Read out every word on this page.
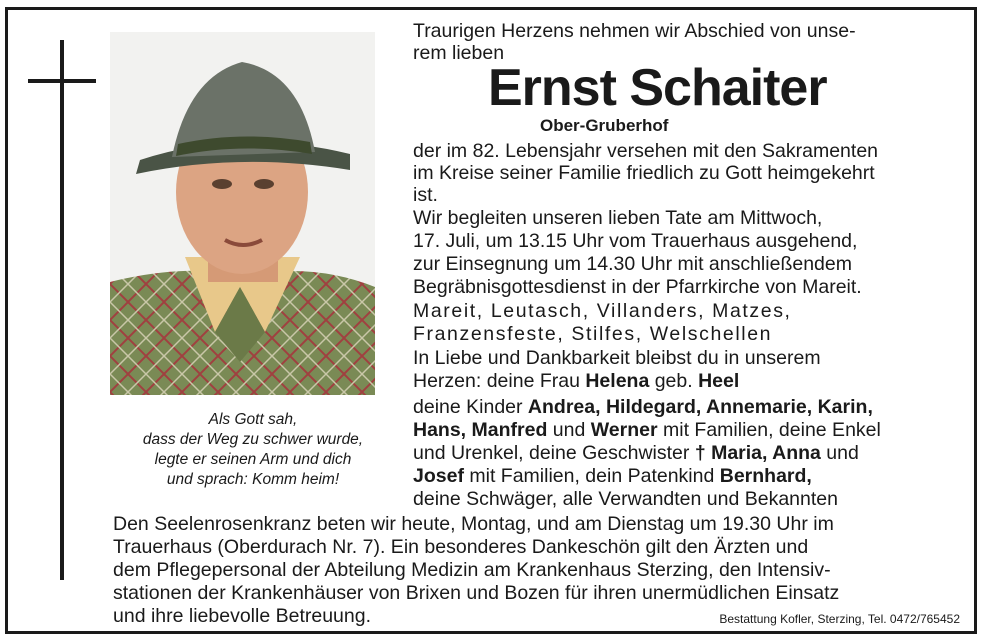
Als Gott sah,
dass der Weg zu schwer wurde,
legte er seinen Arm und dich
und sprach: Komm heim!
Traurigen Herzens nehmen wir Abschied von unse-
rem lieben
Ernst Schaiter
Ober-Gruberhof
der im 82. Lebensjahr versehen mit den Sakramenten
im Kreise seiner Familie friedlich zu Gott heimgekehrt
ist.
Wir begleiten unseren lieben Tate am Mittwoch,
17. Juli, um 13.15 Uhr vom Trauerhaus ausgehend,
zur Einsegnung um 14.30 Uhr mit anschließendem
Begräbnisgottesdienst in der Pfarrkirche von Mareit.
Mareit, Leutasch, Villanders, Matzes,
Franzensfeste, Stilfes, Welschellen
In Liebe und Dankbarkeit bleibst du in unserem
Herzen: deine Frau Helena geb. Heel
deine Kinder Andrea, Hildegard, Annemarie, Karin,
Hans, Manfred und Werner mit Familien, deine Enkel
und Urenkel, deine Geschwister † Maria, Anna und
Josef mit Familien, dein Patenkind Bernhard,
deine Schwäger, alle Verwandten und Bekannten
Den Seelenrosenkranz beten wir heute, Montag, und am Dienstag um 19.30 Uhr im
Trauerhaus (Oberdurach Nr. 7). Ein besonderes Dankeschön gilt den Ärzten und
dem Pflegepersonal der Abteilung Medizin am Krankenhaus Sterzing, den Intensiv-
stationen der Krankenhäuser von Brixen und Bozen für ihren unermüdlichen Einsatz
und ihre liebevolle Betreuung.	Bestattung Kofler, Sterzing, Tel. 0472/765452
